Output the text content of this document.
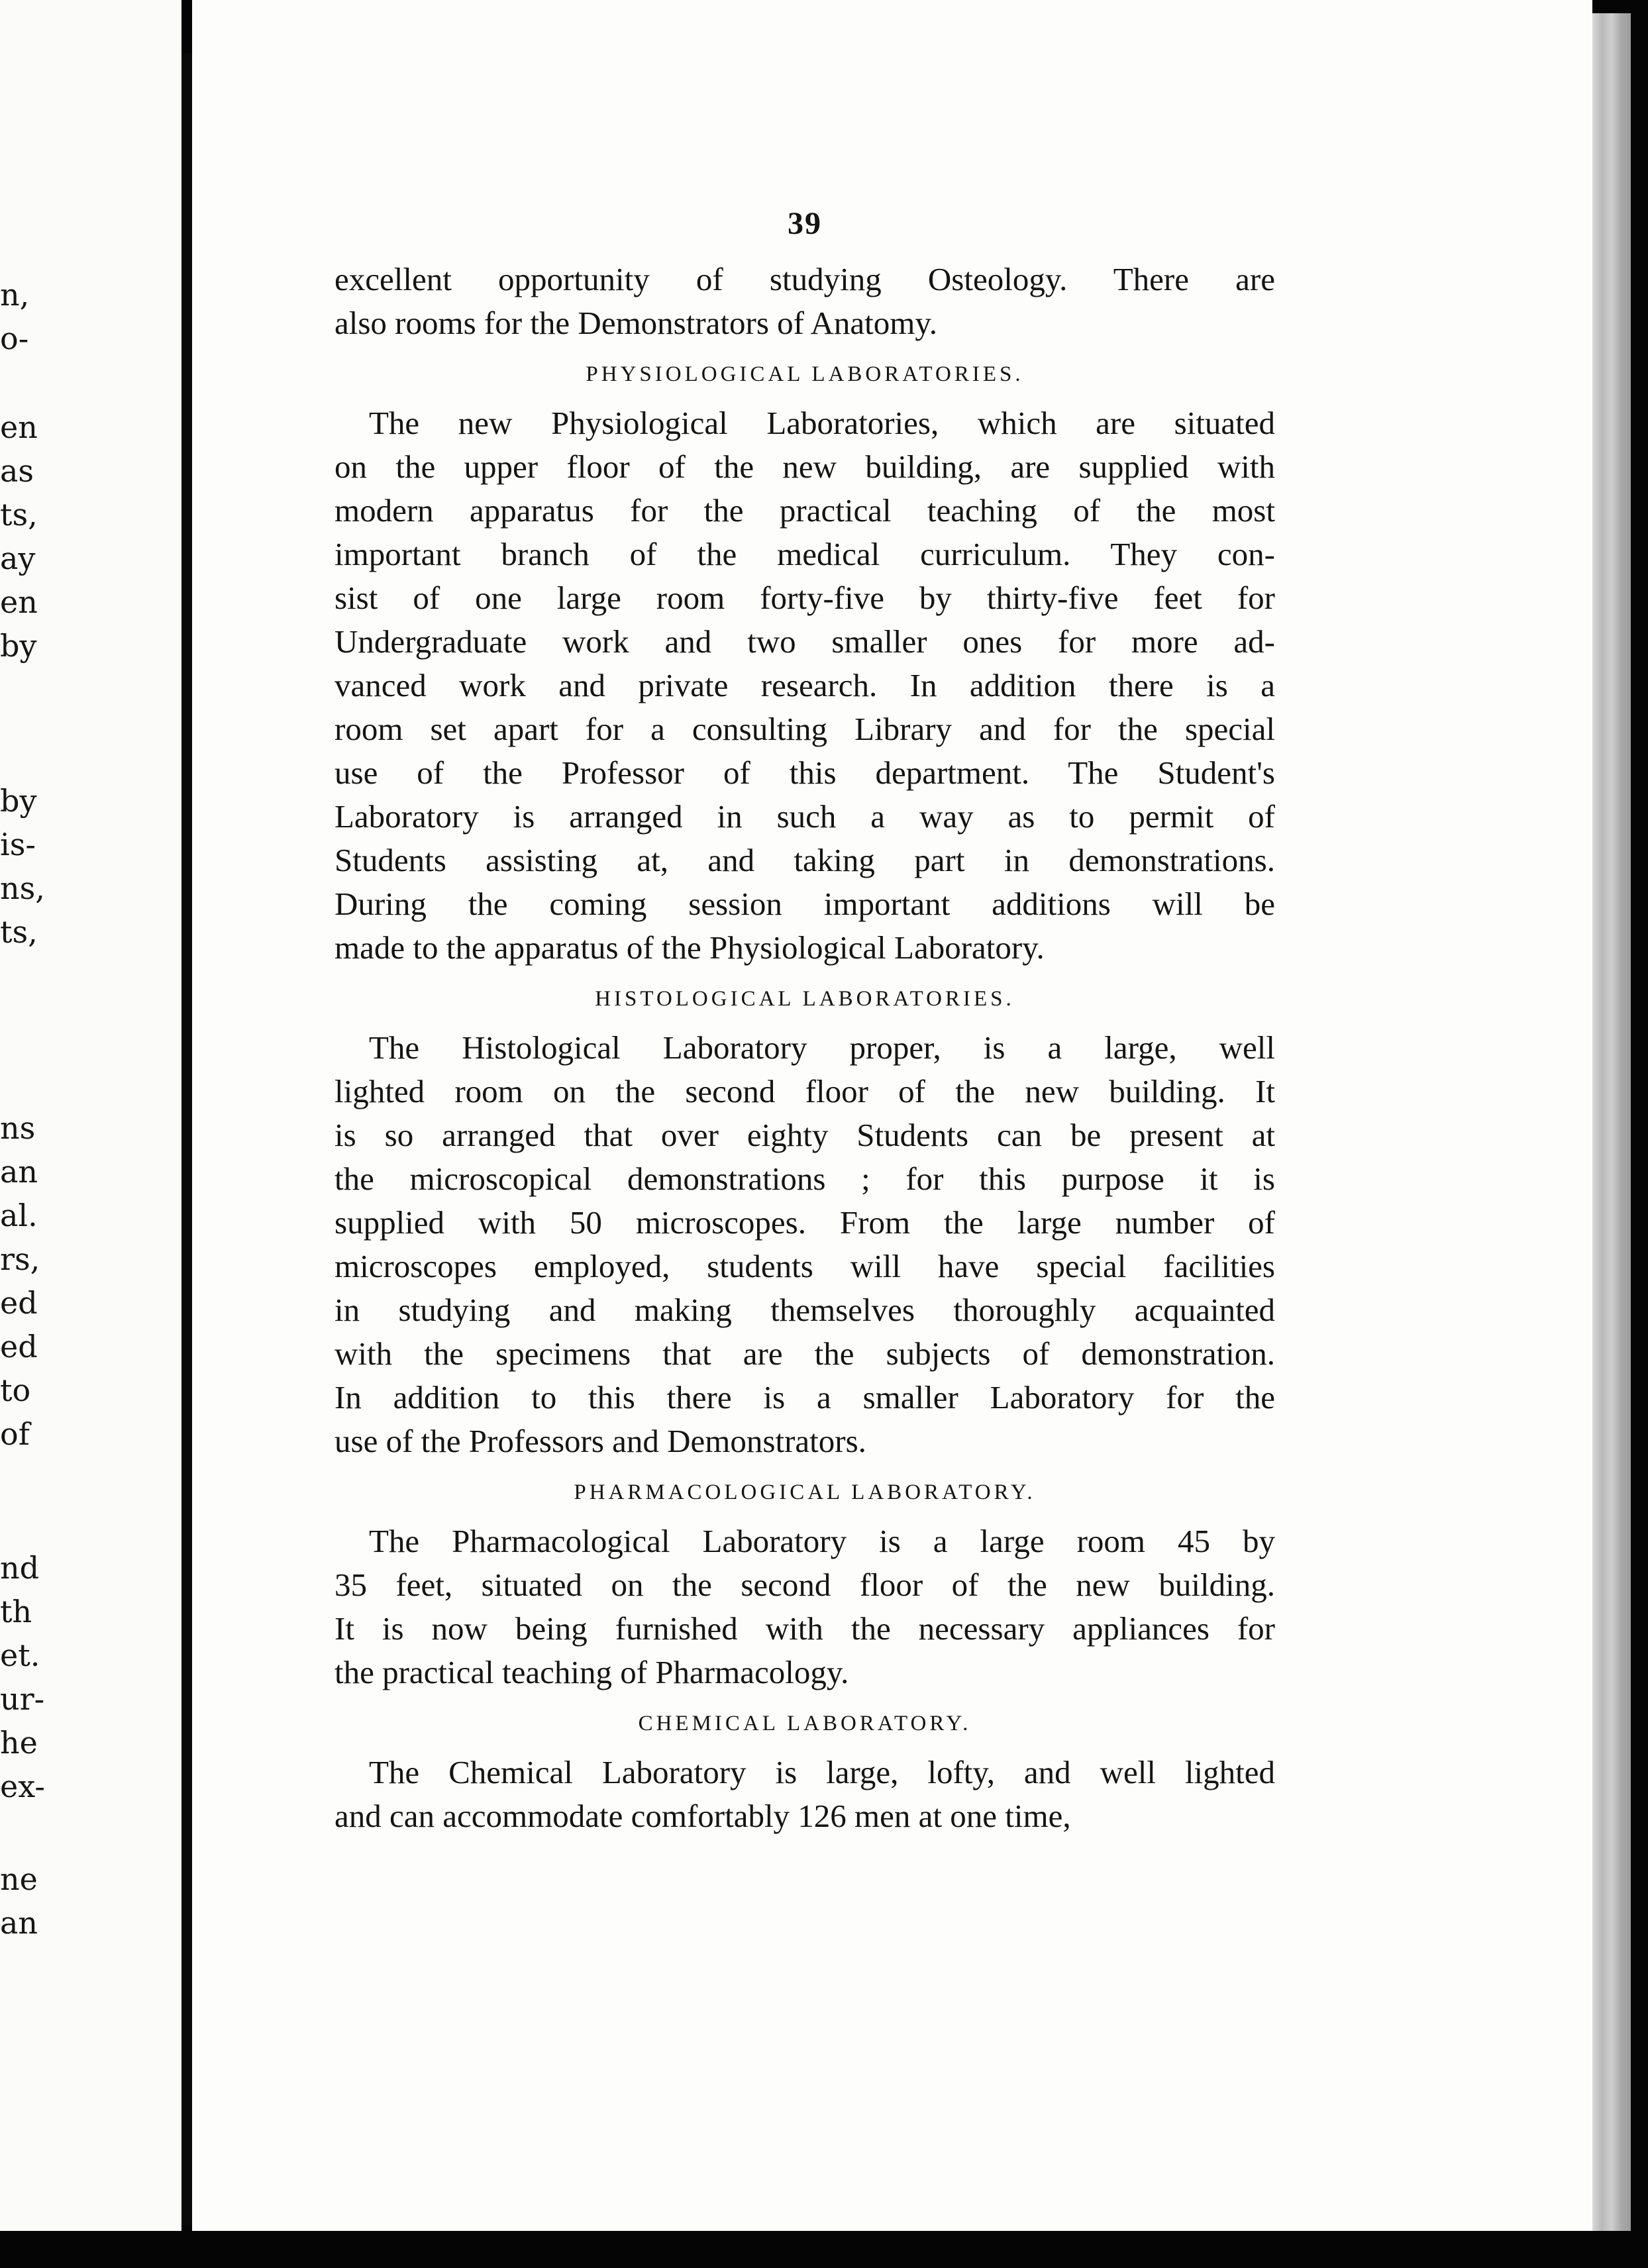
n,
o-
en
as
ts,
ay
en
by
by
is-
ns,
ts,
ns
an
al.
rs,
ed
ed
to
of
nd
th
et.
ur-
he
ex-
ne
an
39

excellent opportunity of studying Osteology. There are
also rooms for the Demonstrators of Anatomy.

PHYSIOLOGICAL LABORATORIES.

The new Physiological Laboratories, which are situated
on the upper floor of the new building, are supplied with
modern apparatus for the practical teaching of the most
important branch of the medical curriculum. They con-
sist of one large room forty-five by thirty-five feet for
Undergraduate work and two smaller ones for more ad-
vanced work and private research. In addition there is a
room set apart for a consulting Library and for the special
use of the Professor of this department. The Student's
Laboratory is arranged in such a way as to permit of
Students assisting at, and taking part in demonstrations.
During the coming session important additions will be
made to the apparatus of the Physiological Laboratory.

HISTOLOGICAL LABORATORIES.

The Histological Laboratory proper, is a large, well
lighted room on the second floor of the new building. It
is so arranged that over eighty Students can be present at
the microscopical demonstrations ; for this purpose it is
supplied with 50 microscopes. From the large number of
microscopes employed, students will have special facilities
in studying and making themselves thoroughly acquainted
with the specimens that are the subjects of demonstration.
In addition to this there is a smaller Laboratory for the
use of the Professors and Demonstrators.

PHARMACOLOGICAL LABORATORY.

The Pharmacological Laboratory is a large room 45 by
35 feet, situated on the second floor of the new building.
It is now being furnished with the necessary appliances for
the practical teaching of Pharmacology.

CHEMICAL LABORATORY.

The Chemical Laboratory is large, lofty, and well lighted
and can accommodate comfortably 126 men at one time,
